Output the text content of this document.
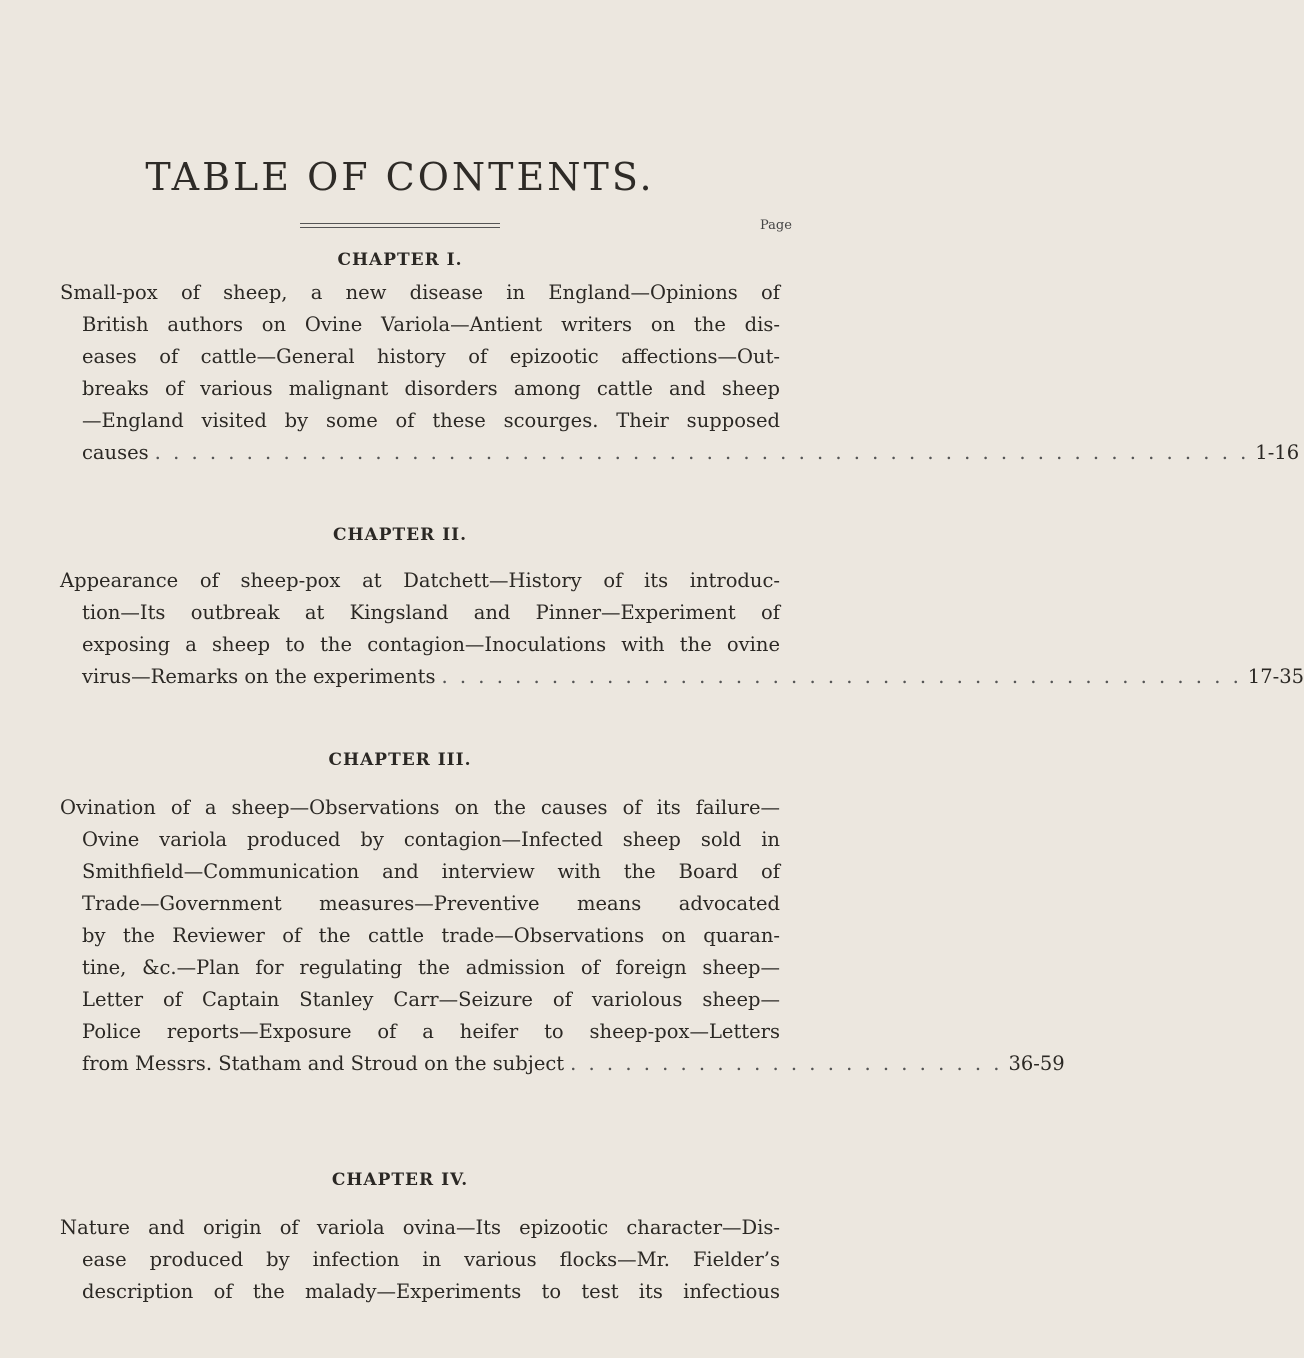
TABLE OF CONTENTS.
CHAPTER I.
Page
Small-pox of sheep, a new disease in England—Opinions of
British authors on Ovine Variola—Antient writers on the dis-
eases of cattle—General history of epizootic affections—Out-
breaks of various malignant disorders among cattle and sheep
—England visited by some of these scourges. Their supposed
causes . . . . . . . . . . . . . . . . . . . . . . . . . . . . . . . . . . . . . . . . . . . . . . . . . . . . . . . . . . . . 1-16
CHAPTER II.
Appearance of sheep-pox at Datchett—History of its introduc-
tion—Its outbreak at Kingsland and Pinner—Experiment of
exposing a sheep to the contagion—Inoculations with the ovine
virus—Remarks on the experiments . . . . . . . . . . . . . . . . . . . . . . . . . . . . . . . . . . . . . . . . . . . . 17-35
CHAPTER III.
Ovination of a sheep—Observations on the causes of its failure—
Ovine variola produced by contagion—Infected sheep sold in
Smithfield—Communication and interview with the Board of
Trade—Government measures—Preventive means advocated
by the Reviewer of the cattle trade—Observations on quaran-
tine, &c.—Plan for regulating the admission of foreign sheep—
Letter of Captain Stanley Carr—Seizure of variolous sheep—
Police reports—Exposure of a heifer to sheep-pox—Letters
from Messrs. Statham and Stroud on the subject . . . . . . . . . . . . . . . . . . . . . . . . 36-59
CHAPTER IV.
Nature and origin of variola ovina—Its epizootic character—Dis-
ease produced by infection in various flocks—Mr. Fielder’s
description of the malady—Experiments to test its infectious
